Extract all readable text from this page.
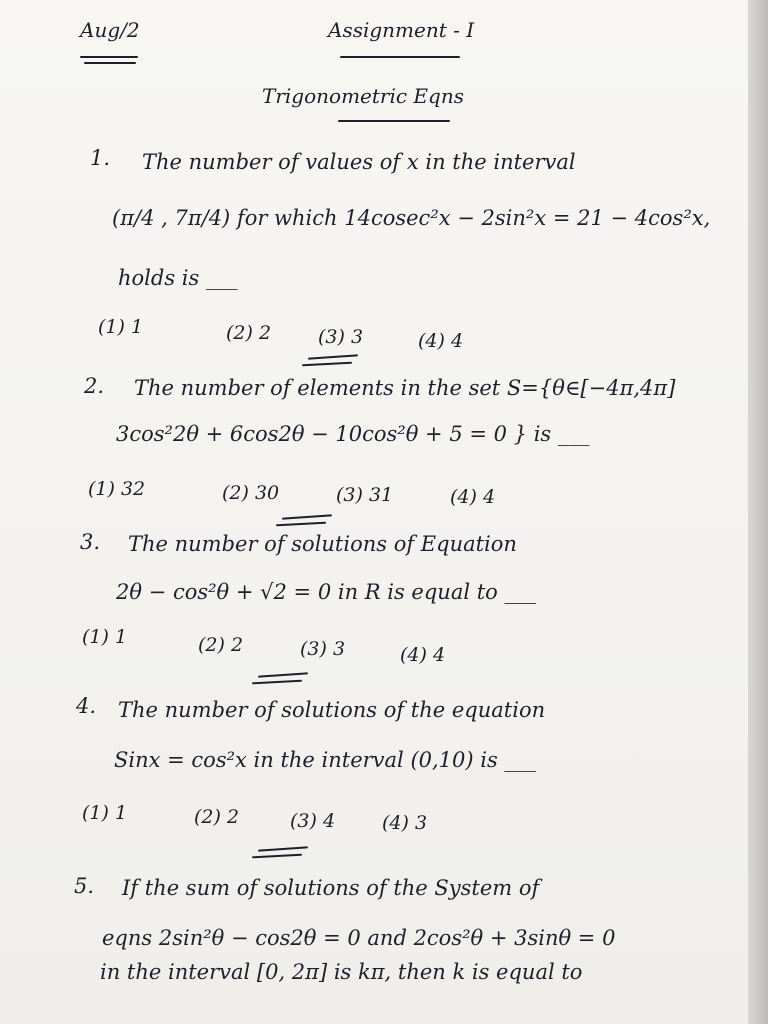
Aug/2	Assignment - I
Trigonometric Eqns
1. The number of values of x in the interval
(π/4 , 7π/4) for which 14cosec²x − 2sin²x = 21 − 4cos²x,
holds is ___
(1) 1	(2) 2 (3) 3	(4) 4
2. The number of elements in the set S={θ∈[−4π,4π]
3cos²2θ + 6cos2θ − 10cos²θ + 5 = 0 } is ___
(1) 32	(2) 30	(3) 31	(4) 4
3. The number of solutions of Equation
2θ − cos²θ + √2 = 0 in R is equal to ___
(1) 1	(2) 2	(3) 3	(4) 4
4. The number of solutions of the equation
Sinx = cos²x in the interval (0,10) is ___
(1) 1	(2) 2	(3) 4 (4) 3
5. If the sum of solutions of the System of
eqns 2sin²θ − cos2θ = 0 and 2cos²θ + 3sinθ = 0
in the interval [0, 2π] is kπ, then k is equal to
